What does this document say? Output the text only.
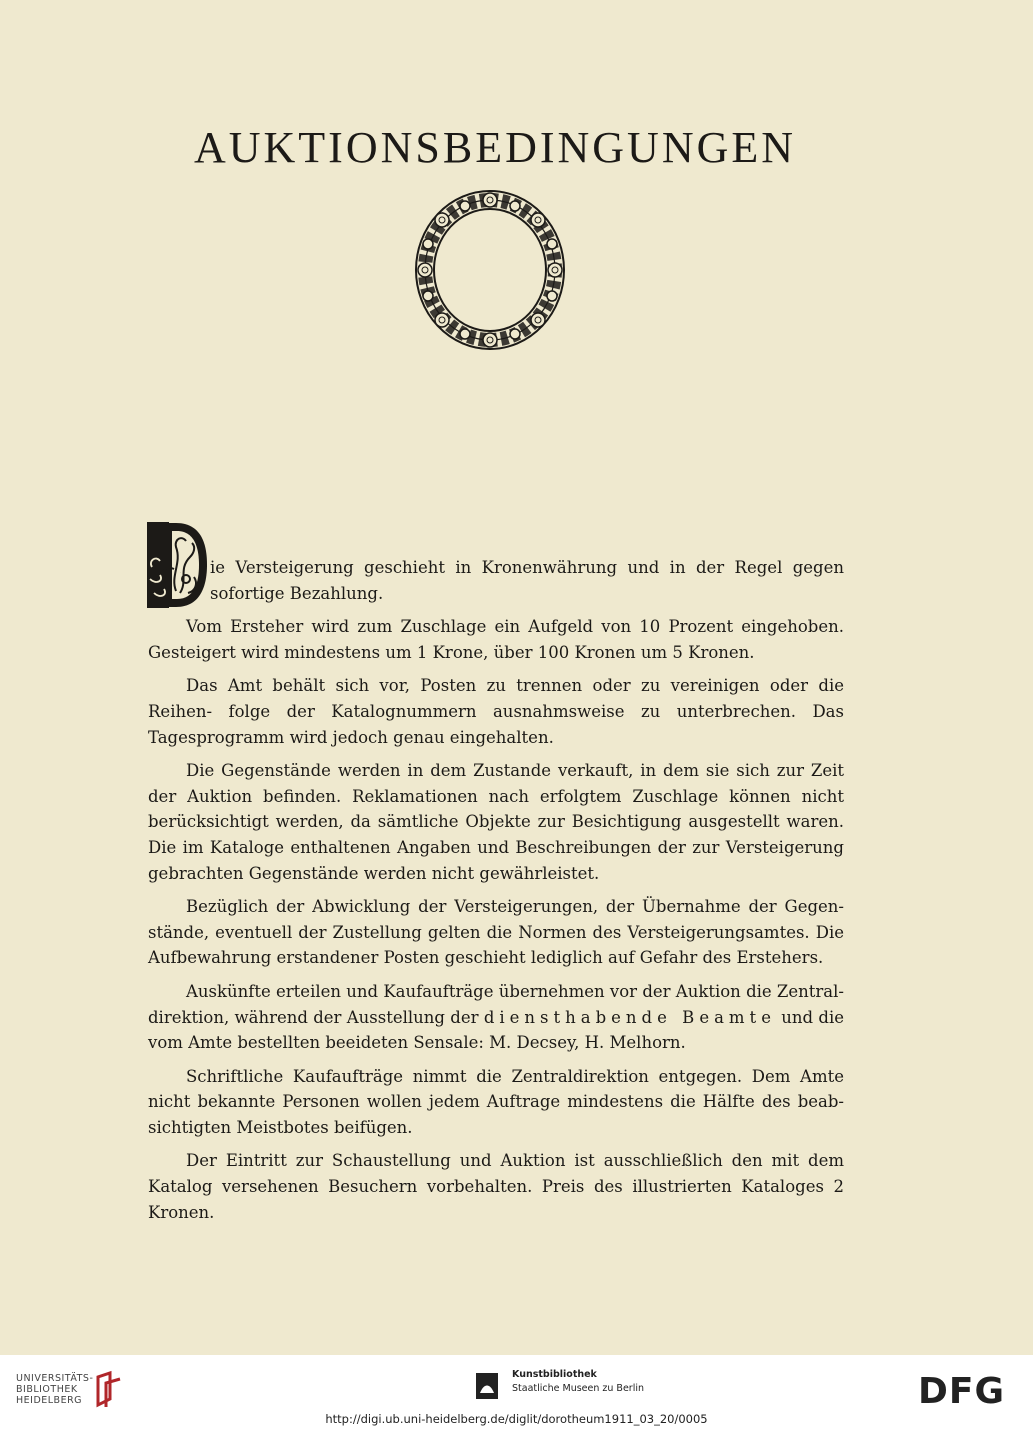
AUKTIONSBEDINGUNGEN
D ie Versteigerung geschieht in Kronenwährung und in der Regel gegen sofortige Bezahlung.

Vom Ersteher wird zum Zuschlage ein Aufgeld von 10 Prozent eingehoben. Gesteigert wird mindestens um 1 Krone, über 100 Kronen um 5 Kronen.

Das Amt behält sich vor, Posten zu trennen oder zu vereinigen oder die Reihen- folge der Katalognummern ausnahmsweise zu unterbrechen. Das Tagesprogramm wird jedoch genau eingehalten.

Die Gegenstände werden in dem Zustande verkauft, in dem sie sich zur Zeit der Auktion befinden. Reklamationen nach erfolgtem Zuschlage können nicht berücksichtigt werden, da sämtliche Objekte zur Besichtigung ausgestellt waren. Die im Kataloge enthaltenen Angaben und Beschreibungen der zur Versteigerung gebrachten Gegenstände werden nicht gewährleistet.

Bezüglich der Abwicklung der Versteigerungen, der Übernahme der Gegen- stände, eventuell der Zustellung gelten die Normen des Versteigerungsamtes. Die Aufbewahrung erstandener Posten geschieht lediglich auf Gefahr des Erstehers.

Auskünfte erteilen und Kaufaufträge übernehmen vor der Auktion die Zentral- direktion, während der Ausstellung der diensthabende Beamte und die vom Amte bestellten beeideten Sensale: M. Decsey, H. Melhorn.

Schriftliche Kaufaufträge nimmt die Zentraldirektion entgegen. Dem Amte nicht bekannte Personen wollen jedem Auftrage mindestens die Hälfte des beab- sichtigten Meistbotes beifügen.

Der Eintritt zur Schaustellung und Auktion ist ausschließlich den mit dem Katalog versehenen Besuchern vorbehalten. Preis des illustrierten Kataloges 2 Kronen.

UNIVERSITÄTS-
BIBLIOTHEK
HEIDELBERG
Kunstbibliothek
Staatliche Museen zu Berlin	DFG
http://digi.ub.uni-heidelberg.de/diglit/dorotheum1911_03_20/0005
